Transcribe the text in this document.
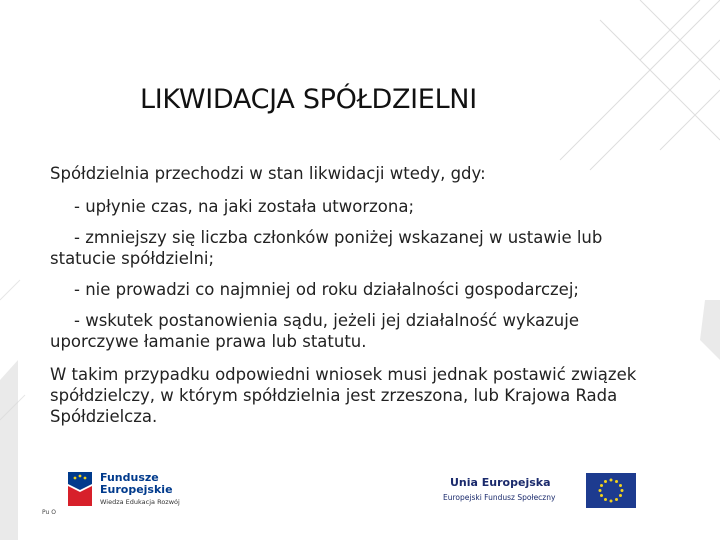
LIKWIDACJA SPÓŁDZIELNI

Spółdzielnia przechodzi w stan likwidacji wtedy, gdy:

- upłynie czas, na jaki została utworzona;

- zmniejszy się liczba członków poniżej wskazanej w ustawie lub statucie spółdzielni;

- nie prowadzi co najmniej od roku działalności gospodarczej;

- wskutek postanowienia sądu, jeżeli jej działalność wykazuje uporczywe łamanie prawa lub statutu.

W takim przypadku odpowiedni wniosek musi jednak postawić związek spółdzielczy, w którym spółdzielnia jest zrzeszona, lub Krajowa Rada Spółdzielcza.

Fundusze
Europejskie
Wiedza Edukacja Rozwój
Unia Europejska
Europejski Fundusz Społeczny
Pu O
